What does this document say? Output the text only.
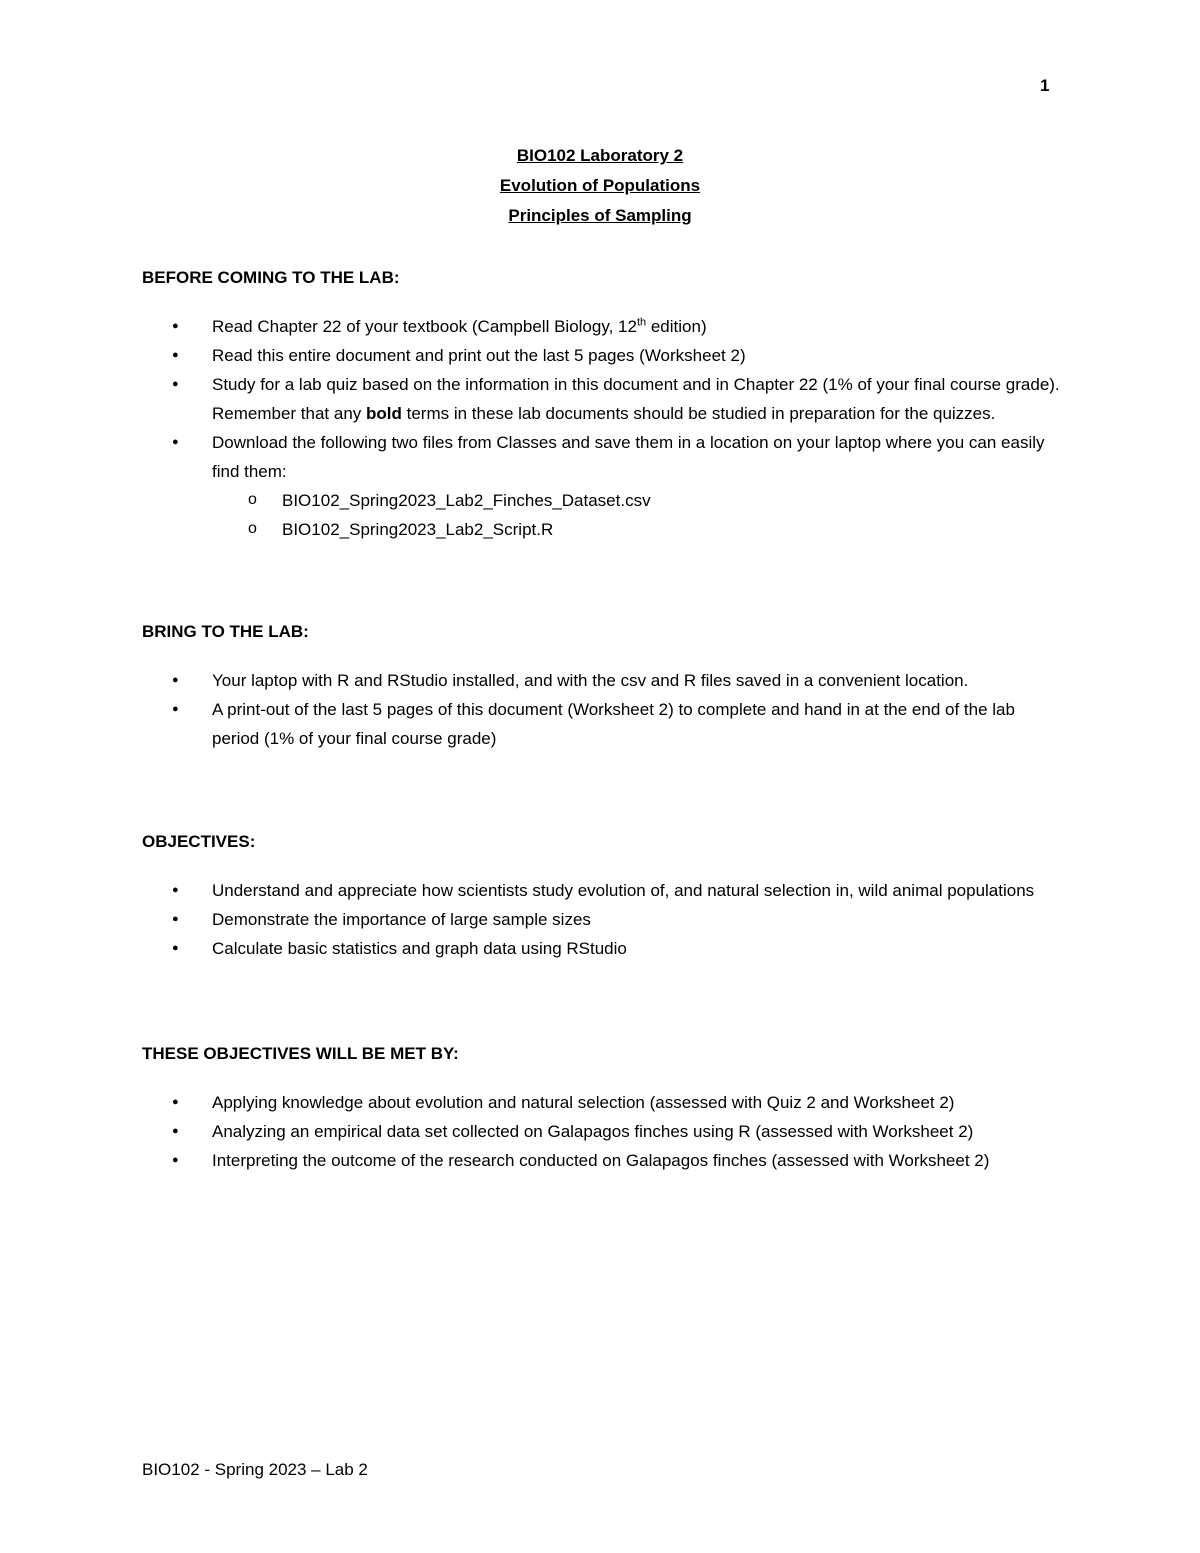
1
BIO102 Laboratory 2
Evolution of Populations
Principles of Sampling
BEFORE COMING TO THE LAB:
● Read Chapter 22 of your textbook (Campbell Biology, 12th edition)
● Read this entire document and print out the last 5 pages (Worksheet 2)
● Study for a lab quiz based on the information in this document and in Chapter 22 (1% of your final course grade). Remember that any bold terms in these lab documents should be studied in preparation for the quizzes.
● Download the following two files from Classes and save them in a location on your laptop where you can easily find them:
o BIO102_Spring2023_Lab2_Finches_Dataset.csv
o BIO102_Spring2023_Lab2_Script.R
BRING TO THE LAB:
● Your laptop with R and RStudio installed, and with the csv and R files saved in a convenient location.
● A print-out of the last 5 pages of this document (Worksheet 2) to complete and hand in at the end of the lab period (1% of your final course grade)
OBJECTIVES:
● Understand and appreciate how scientists study evolution of, and natural selection in, wild animal populations
● Demonstrate the importance of large sample sizes
● Calculate basic statistics and graph data using RStudio
THESE OBJECTIVES WILL BE MET BY:
● Applying knowledge about evolution and natural selection (assessed with Quiz 2 and Worksheet 2)
● Analyzing an empirical data set collected on Galapagos finches using R (assessed with Worksheet 2)
● Interpreting the outcome of the research conducted on Galapagos finches (assessed with Worksheet 2)
BIO102 - Spring 2023 – Lab 2
